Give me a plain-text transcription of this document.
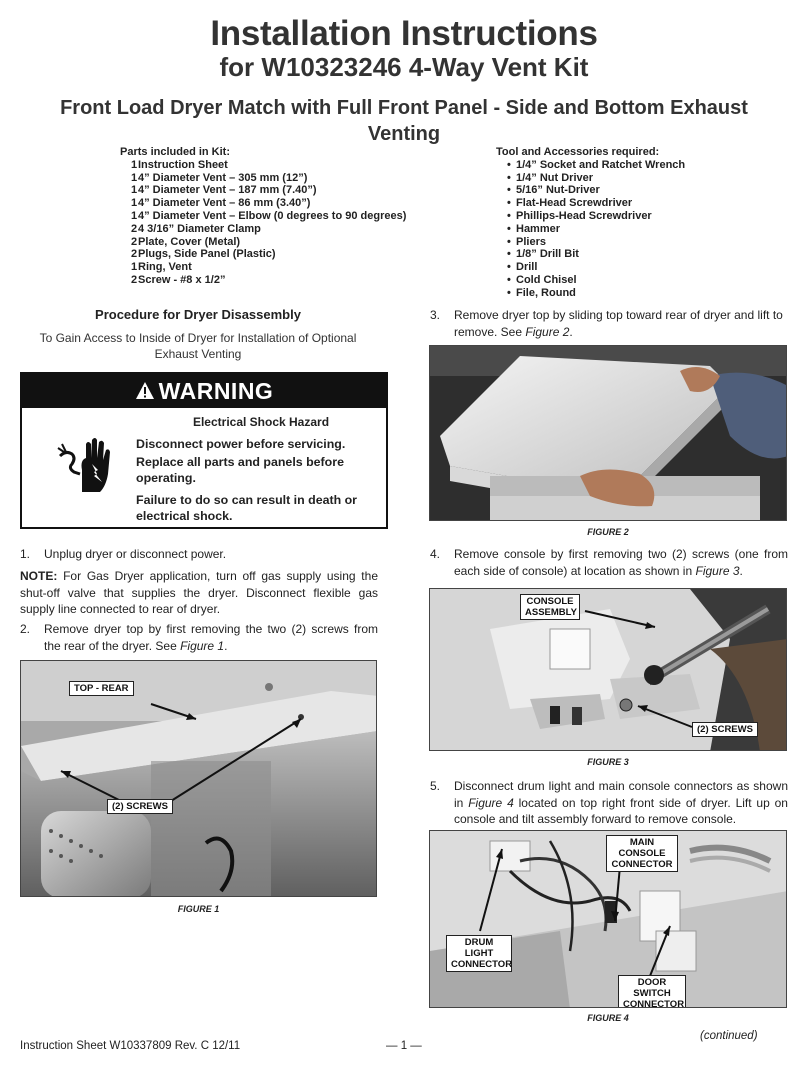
Installation Instructions
for W10323246 4-Way Vent Kit
Front Load Dryer Match with Full Front Panel - Side and Bottom Exhaust Venting
Parts included in Kit:
1 Instruction Sheet
1 4” Diameter Vent – 305 mm (12”)
1 4” Diameter Vent – 187 mm (7.40”)
1 4” Diameter Vent – 86 mm (3.40”)
1 4” Diameter Vent – Elbow (0 degrees to 90 degrees)
2 4 3/16” Diameter Clamp
2 Plate, Cover (Metal)
2 Plugs, Side Panel (Plastic)
1 Ring, Vent
2 Screw - #8 x 1/2”
Tool and Accessories required:
• 1/4” Socket and Ratchet Wrench
• 1/4” Nut Driver
• 5/16” Nut-Driver
• Flat-Head Screwdriver
• Phillips-Head Screwdriver
• Hammer
• Pliers
• 1/8” Drill Bit
• Drill
• Cold Chisel
• File, Round
Procedure for Dryer Disassembly
To Gain Access to Inside of Dryer for Installation of Optional Exhaust Venting
WARNING
Electrical Shock Hazard

Disconnect power before servicing.

Replace all parts and panels before operating.

Failure to do so can result in death or electrical shock.

1.	Unplug dryer or disconnect power.
NOTE: For Gas Dryer application, turn off gas supply using the shut-off valve that supplies the dryer. Disconnect flexible gas supply line connected to rear of dryer.
2.	Remove dryer top by first removing the two (2) screws from the rear of the dryer. See Figure 1.
TOP - REAR
(2) SCREWS
FIGURE 1
3.	Remove dryer top by sliding top toward rear of dryer and lift to remove. See Figure 2.
FIGURE 2
4.	Remove console by first removing two (2) screws (one from each side of console) at location as shown in Figure 3.
CONSOLE ASSEMBLY
(2) SCREWS
FIGURE 3
5.	Disconnect drum light and main console connectors as shown in Figure 4 located on top right front side of dryer. Lift up on console and tilt assembly forward to remove console.
MAIN CONSOLE CONNECTOR
DRUM LIGHT CONNECTOR
DOOR SWITCH CONNECTOR
FIGURE 4
Instruction Sheet W10337809 Rev. C 12/11	— 1 —
(continued)
